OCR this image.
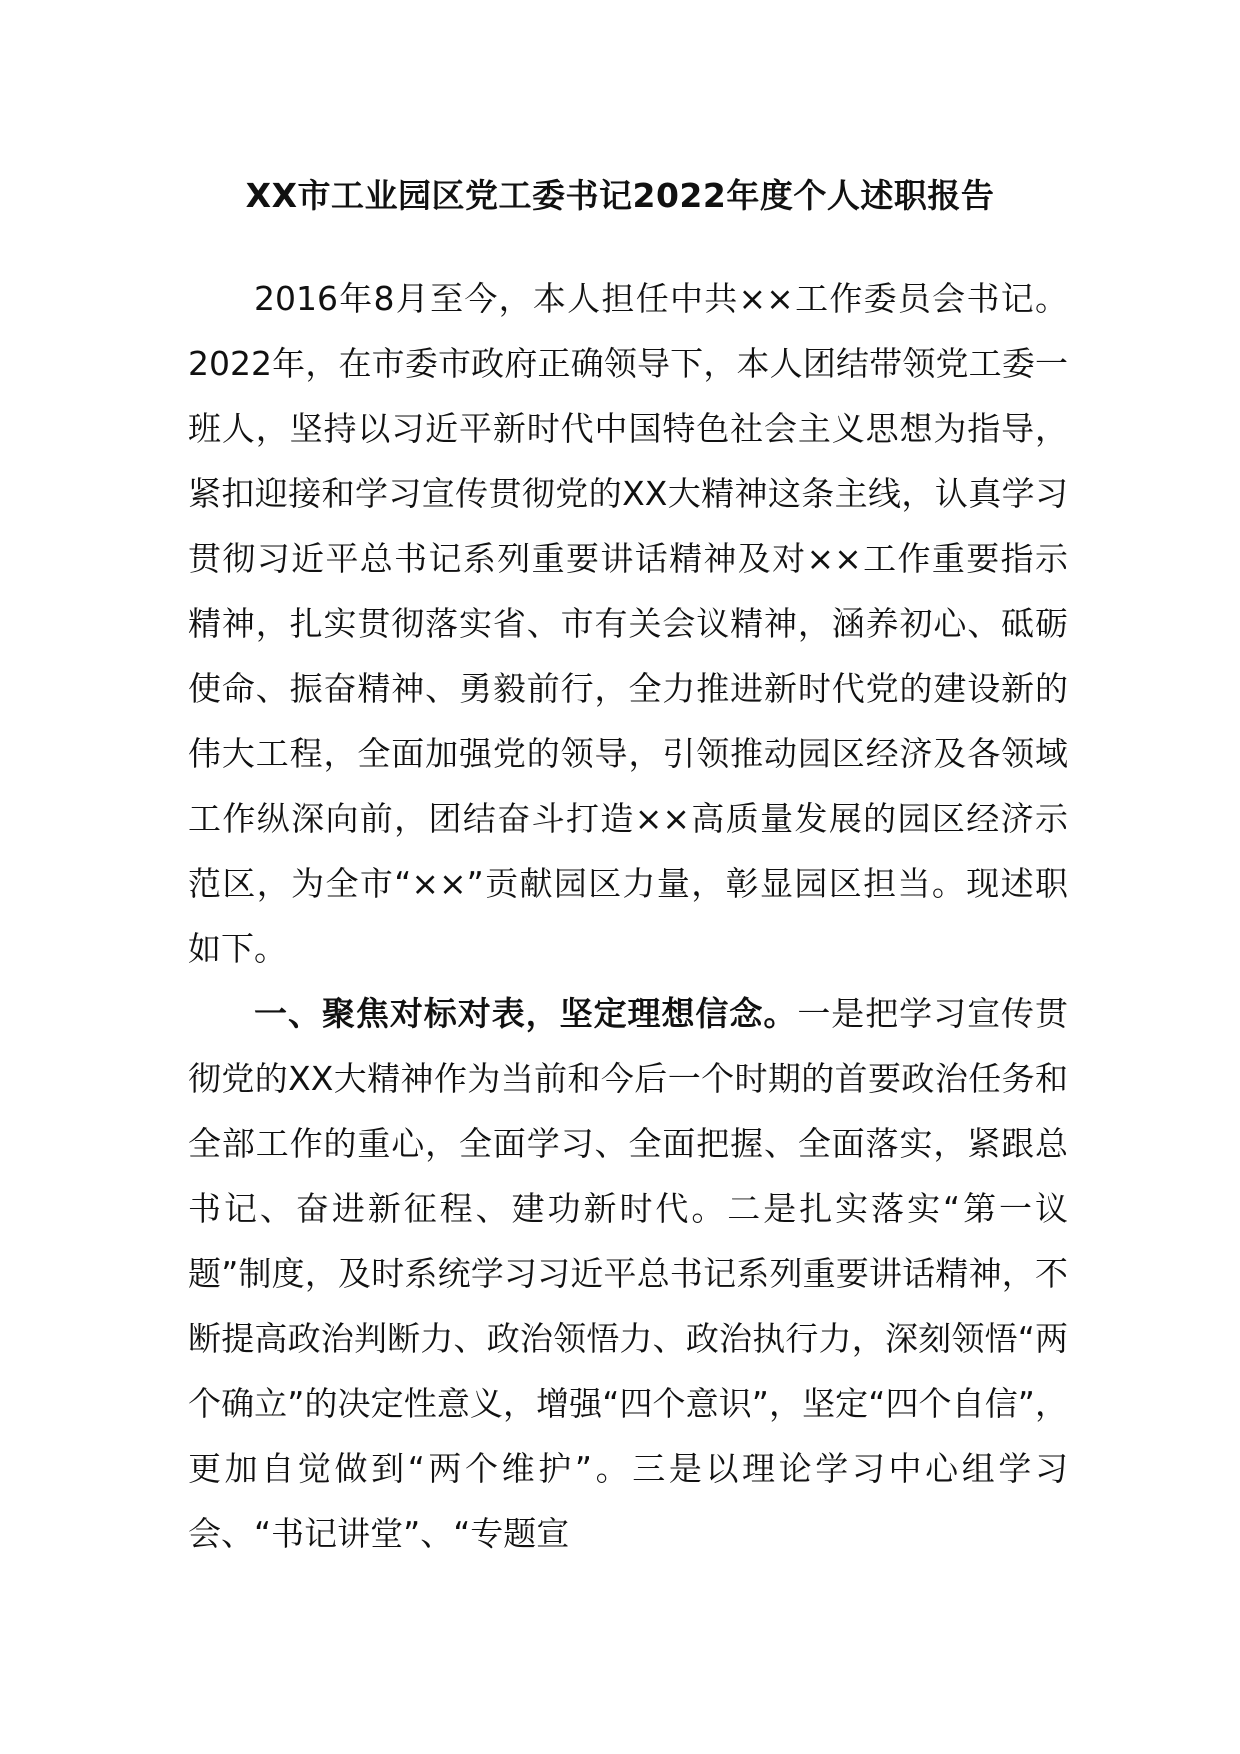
XX市工业园区党工委书记2022年度个人述职报告

2016年8月至今，本人担任中共××工作委员会书记。2022年，在市委市政府正确领导下，本人团结带领党工委一班人，坚持以习近平新时代中国特色社会主义思想为指导，紧扣迎接和学习宣传贯彻党的XX大精神这条主线，认真学习贯彻习近平总书记系列重要讲话精神及对××工作重要指示精神，扎实贯彻落实省、市有关会议精神，涵养初心、砥砺使命、振奋精神、勇毅前行，全力推进新时代党的建设新的伟大工程，全面加强党的领导，引领推动园区经济及各领域工作纵深向前，团结奋斗打造××高质量发展的园区经济示范区，为全市“××”贡献园区力量，彰显园区担当。现述职如下。

一、聚焦对标对表，坚定理想信念。一是把学习宣传贯彻党的XX大精神作为当前和今后一个时期的首要政治任务和全部工作的重心，全面学习、全面把握、全面落实，紧跟总书记、奋进新征程、建功新时代。二是扎实落实“第一议题”制度，及时系统学习习近平总书记系列重要讲话精神，不断提高政治判断力、政治领悟力、政治执行力，深刻领悟“两个确立”的决定性意义，增强“四个意识”，坚定“四个自信”，更加自觉做到“两个维护”。三是以理论学习中心组学习会、“书记讲堂”、“专题宣
